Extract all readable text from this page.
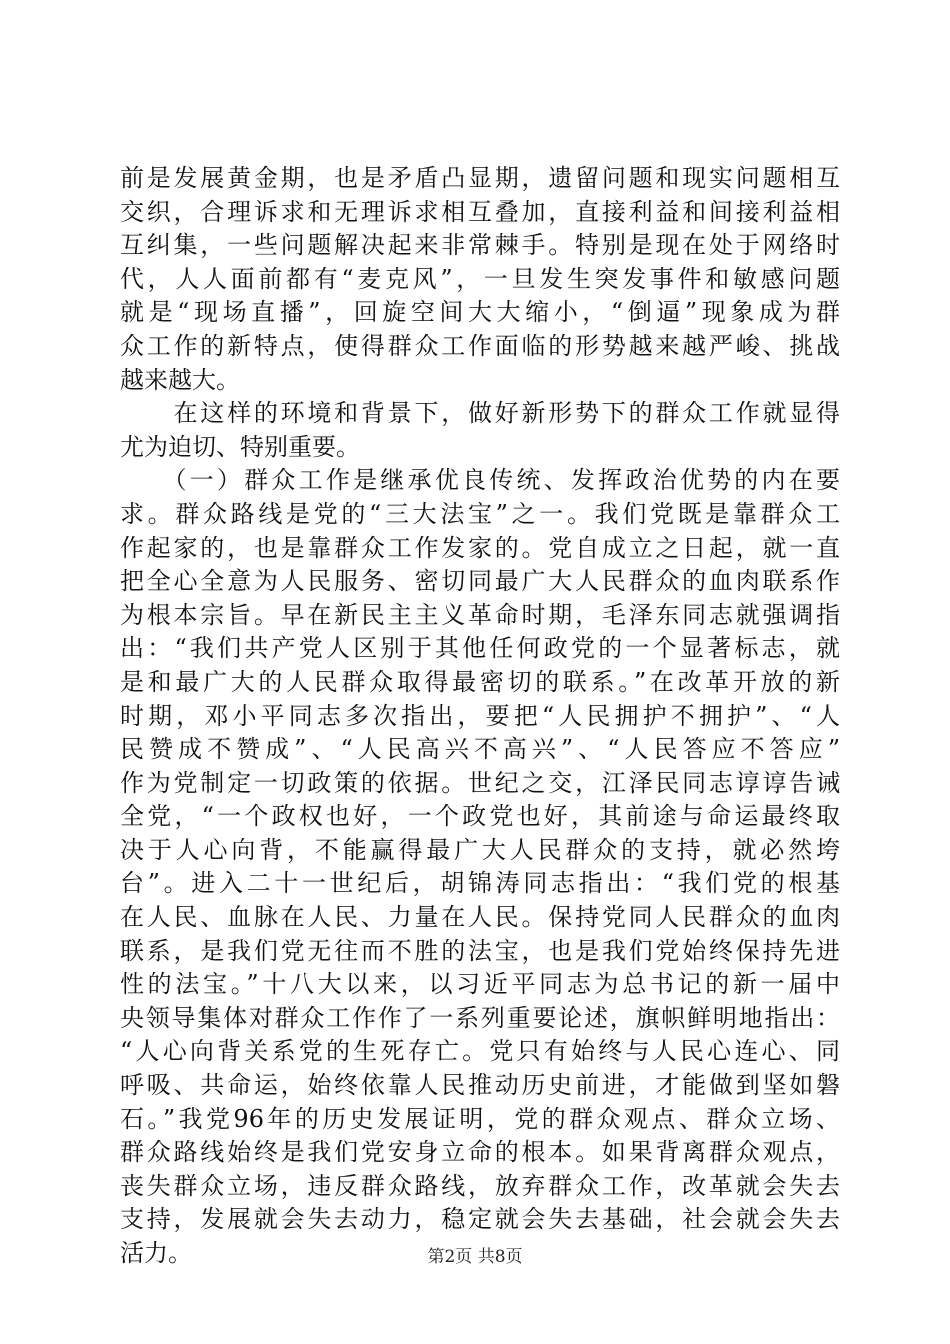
前是发展黄金期，也是矛盾凸显期，遗留问题和现实问题相互
交织，合理诉求和无理诉求相互叠加，直接利益和间接利益相
互纠集，一些问题解决起来非常棘手。特别是现在处于网络时
代，人人面前都有“麦克风”，一旦发生突发事件和敏感问题
就是“现场直播”，回旋空间大大缩小，“倒逼”现象成为群
众工作的新特点，使得群众工作面临的形势越来越严峻、挑战
越来越大。
　　在这样的环境和背景下，做好新形势下的群众工作就显得
尤为迫切、特别重要。
　　（一）群众工作是继承优良传统、发挥政治优势的内在要
求。群众路线是党的“三大法宝”之一。我们党既是靠群众工
作起家的，也是靠群众工作发家的。党自成立之日起，就一直
把全心全意为人民服务、密切同最广大人民群众的血肉联系作
为根本宗旨。早在新民主主义革命时期，毛泽东同志就强调指
出：“我们共产党人区别于其他任何政党的一个显著标志，就
是和最广大的人民群众取得最密切的联系。”在改革开放的新
时期，邓小平同志多次指出，要把“人民拥护不拥护”、“人
民赞成不赞成”、“人民高兴不高兴”、“人民答应不答应”
作为党制定一切政策的依据。世纪之交，江泽民同志谆谆告诫
全党，“一个政权也好，一个政党也好，其前途与命运最终取
决于人心向背，不能赢得最广大人民群众的支持，就必然垮
台”。进入二十一世纪后，胡锦涛同志指出：“我们党的根基
在人民、血脉在人民、力量在人民。保持党同人民群众的血肉
联系，是我们党无往而不胜的法宝，也是我们党始终保持先进
性的法宝。”十八大以来，以习近平同志为总书记的新一届中
央领导集体对群众工作作了一系列重要论述，旗帜鲜明地指出：
“人心向背关系党的生死存亡。党只有始终与人民心连心、同
呼吸、共命运，始终依靠人民推动历史前进，才能做到坚如磐
石。”我党96年的历史发展证明，党的群众观点、群众立场、
群众路线始终是我们党安身立命的根本。如果背离群众观点，
丧失群众立场，违反群众路线，放弃群众工作，改革就会失去
支持，发展就会失去动力，稳定就会失去基础，社会就会失去
活力。	第2页 共8页
